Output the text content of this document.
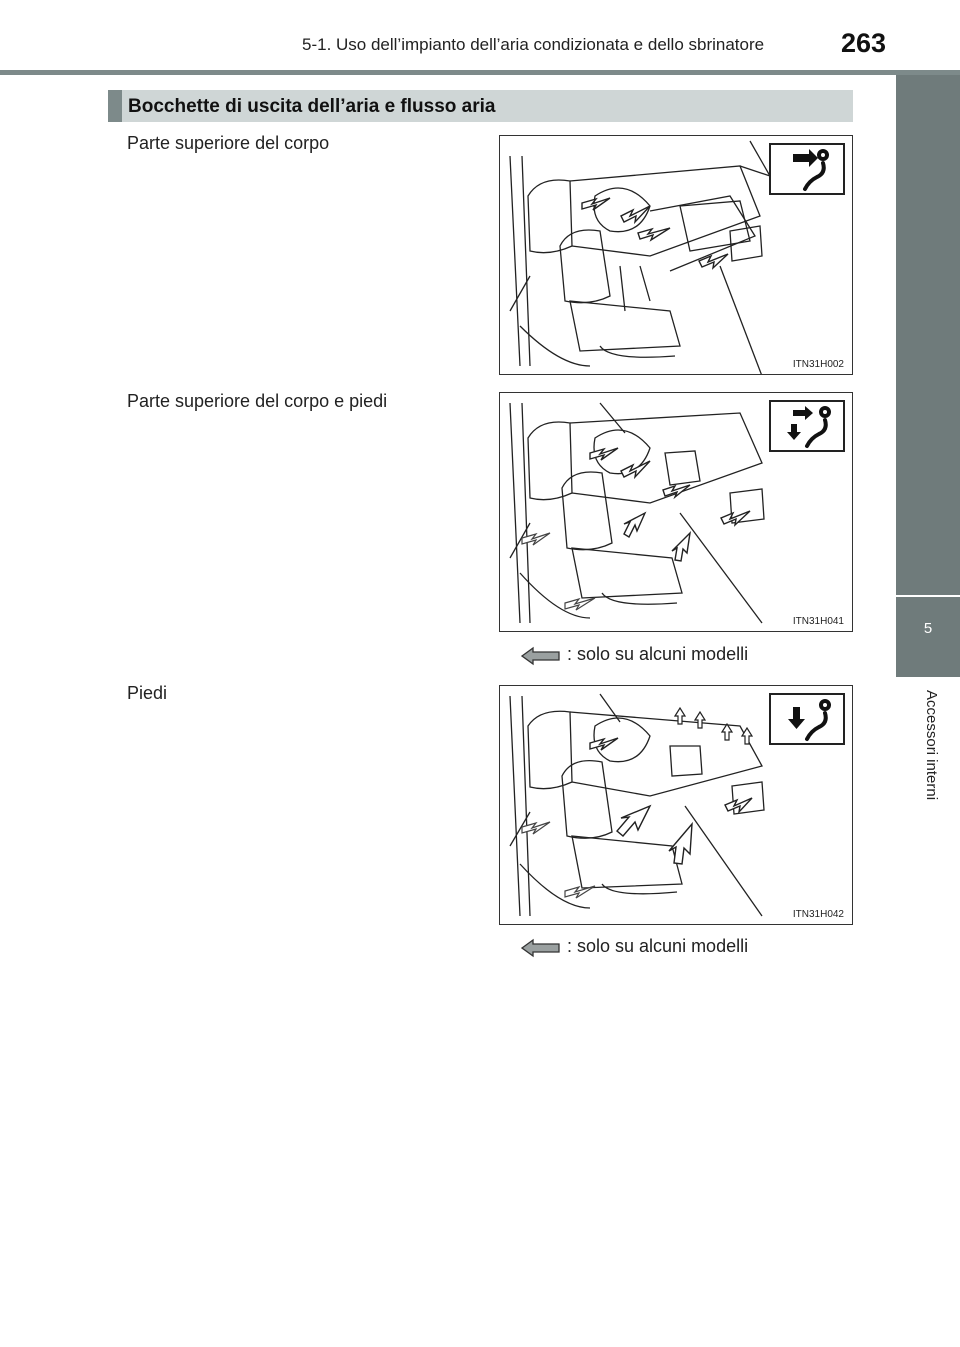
5-1. Uso dell’impianto dell’aria condizionata e dello sbrinatore	263
5
Accessori interni
Bocchette di uscita dell’aria e flusso aria
Parte superiore del corpo
ITN31H002
Parte superiore del corpo e piedi
ITN31H041
: solo su alcuni modelli
Piedi
ITN31H042
: solo su alcuni modelli
